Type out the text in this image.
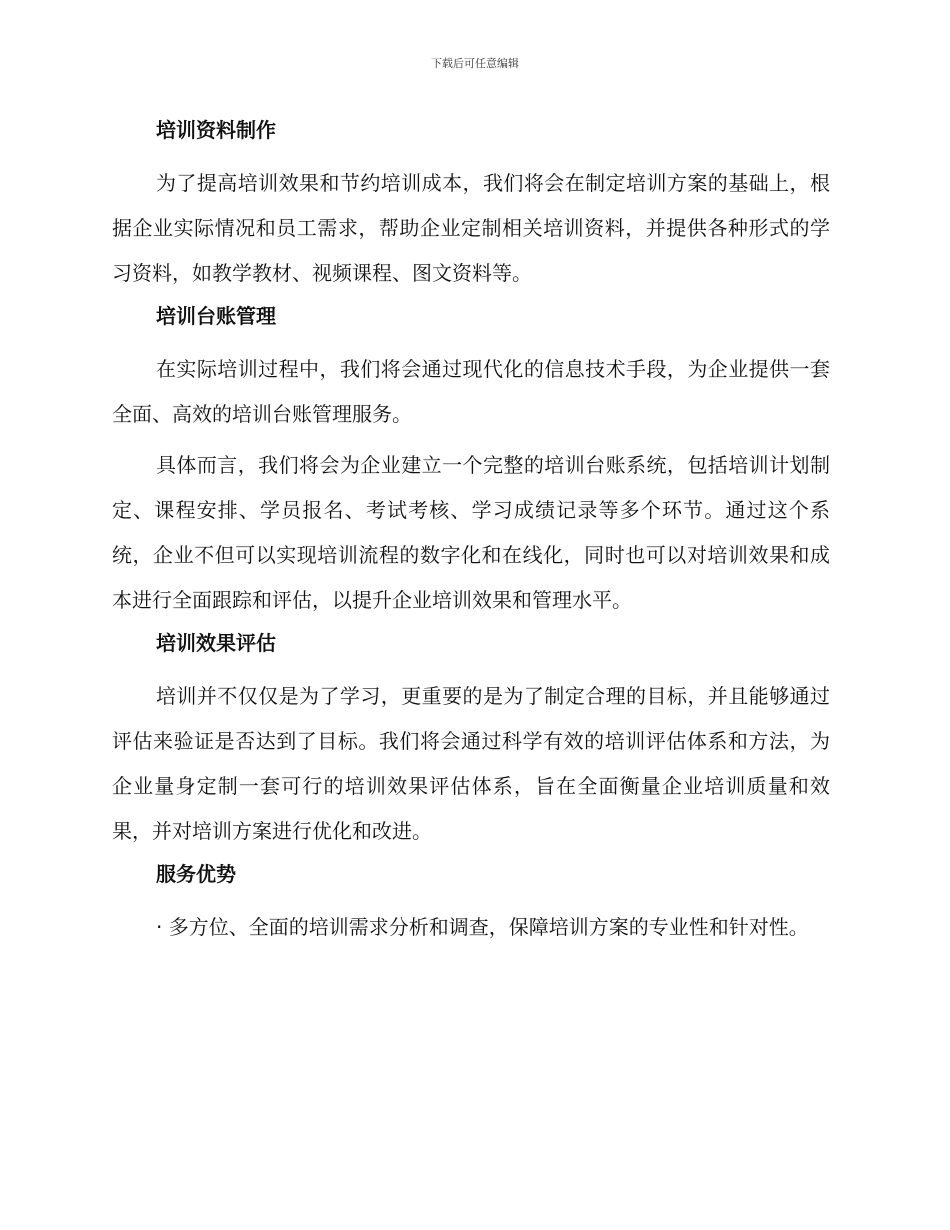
下载后可任意编辑
培训资料制作

为了提高培训效果和节约培训成本，我们将会在制定培训方案的基础上，根据企业实际情况和员工需求，帮助企业定制相关培训资料，并提供各种形式的学习资料，如教学教材、视频课程、图文资料等。

培训台账管理

在实际培训过程中，我们将会通过现代化的信息技术手段，为企业提供一套全面、高效的培训台账管理服务。

具体而言，我们将会为企业建立一个完整的培训台账系统，包括培训计划制定、课程安排、学员报名、考试考核、学习成绩记录等多个环节。通过这个系统，企业不但可以实现培训流程的数字化和在线化，同时也可以对培训效果和成本进行全面跟踪和评估，以提升企业培训效果和管理水平。

培训效果评估

培训并不仅仅是为了学习，更重要的是为了制定合理的目标，并且能够通过评估来验证是否达到了目标。我们将会通过科学有效的培训评估体系和方法，为企业量身定制一套可行的培训效果评估体系，旨在全面衡量企业培训质量和效果，并对培训方案进行优化和改进。

服务优势

· 多方位、全面的培训需求分析和调查，保障培训方案的专业性和针对性。
